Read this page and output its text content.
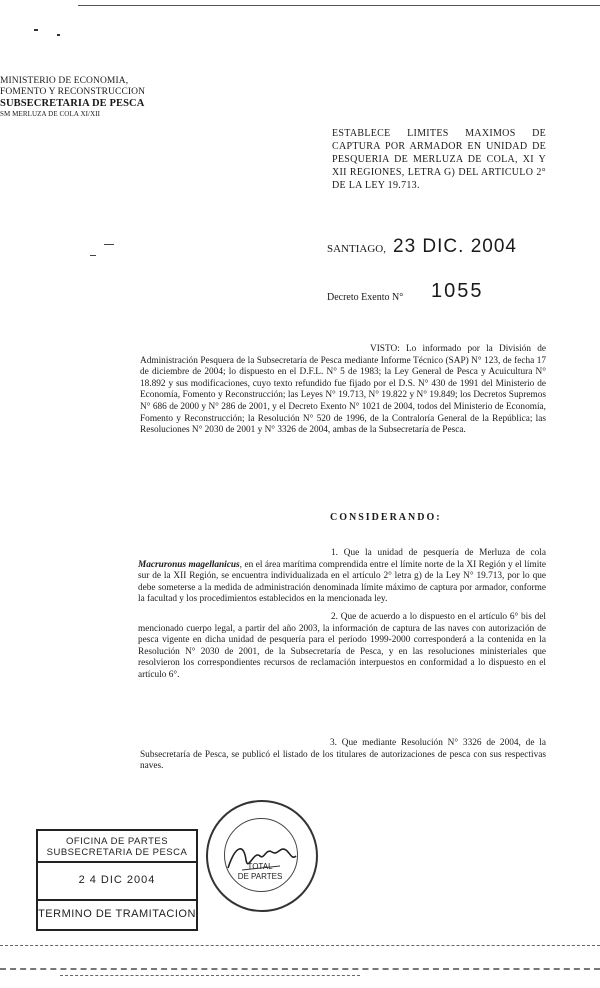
MINISTERIO DE ECONOMIA,
FOMENTO Y RECONSTRUCCION
SUBSECRETARIA DE PESCA
SM MERLUZA DE COLA XI/XII
ESTABLECE LIMITES MAXIMOS DE CAPTURA POR ARMADOR EN UNIDAD DE PESQUERIA DE MERLUZA DE COLA, XI Y XII REGIONES, LETRA G) DEL ARTICULO 2° DE LA LEY 19.713.
SANTIAGO, 23 DIC. 2004
Decreto Exento N° 1055
VISTO: Lo informado por la División de Administración Pesquera de la Subsecretaría de Pesca mediante Informe Técnico (SAP) N° 123, de fecha 17 de diciembre de 2004; lo dispuesto en el D.F.L. N° 5 de 1983; la Ley General de Pesca y Acuicultura N° 18.892 y sus modificaciones, cuyo texto refundido fue fijado por el D.S. N° 430 de 1991 del Ministerio de Economía, Fomento y Reconstrucción; las Leyes N° 19.713, N° 19.822 y N° 19.849; los Decretos Supremos N° 686 de 2000 y N° 286 de 2001, y el Decreto Exento N° 1021 de 2004, todos del Ministerio de Economía, Fomento y Reconstrucción; la Resolución N° 520 de 1996, de la Contraloría General de la República; las Resoluciones N° 2030 de 2001 y N° 3326 de 2004, ambas de la Subsecretaría de Pesca.
CONSIDERANDO:
1. Que la unidad de pesquería de Merluza de cola Macruronus magellanicus, en el área marítima comprendida entre el límite norte de la XI Región y el límite sur de la XII Región, se encuentra individualizada en el artículo 2° letra g) de la Ley N° 19.713, por lo que debe someterse a la medida de administración denominada límite máximo de captura por armador, conforme la facultad y los procedimientos establecidos en la mencionada ley.
2. Que de acuerdo a lo dispuesto en el artículo 6° bis del mencionado cuerpo legal, a partir del año 2003, la información de captura de las naves con autorización de pesca vigente en dicha unidad de pesquería para el período 1999-2000 corresponderá a la contenida en la Resolución N° 2030 de 2001, de la Subsecretaría de Pesca, y en las resoluciones ministeriales que resolvieron los correspondientes recursos de reclamación interpuestos en conformidad a lo dispuesto en el artículo 6°.
3. Que mediante Resolución N° 3326 de 2004, de la Subsecretaría de Pesca, se publicó el listado de los titulares de autorizaciones de pesca con sus respectivas naves.
OFICINA DE PARTES
SUBSECRETARIA DE PESCA
2 4 DIC 2004
TERMINO DE TRAMITACION
TOTAL
DE PARTES
